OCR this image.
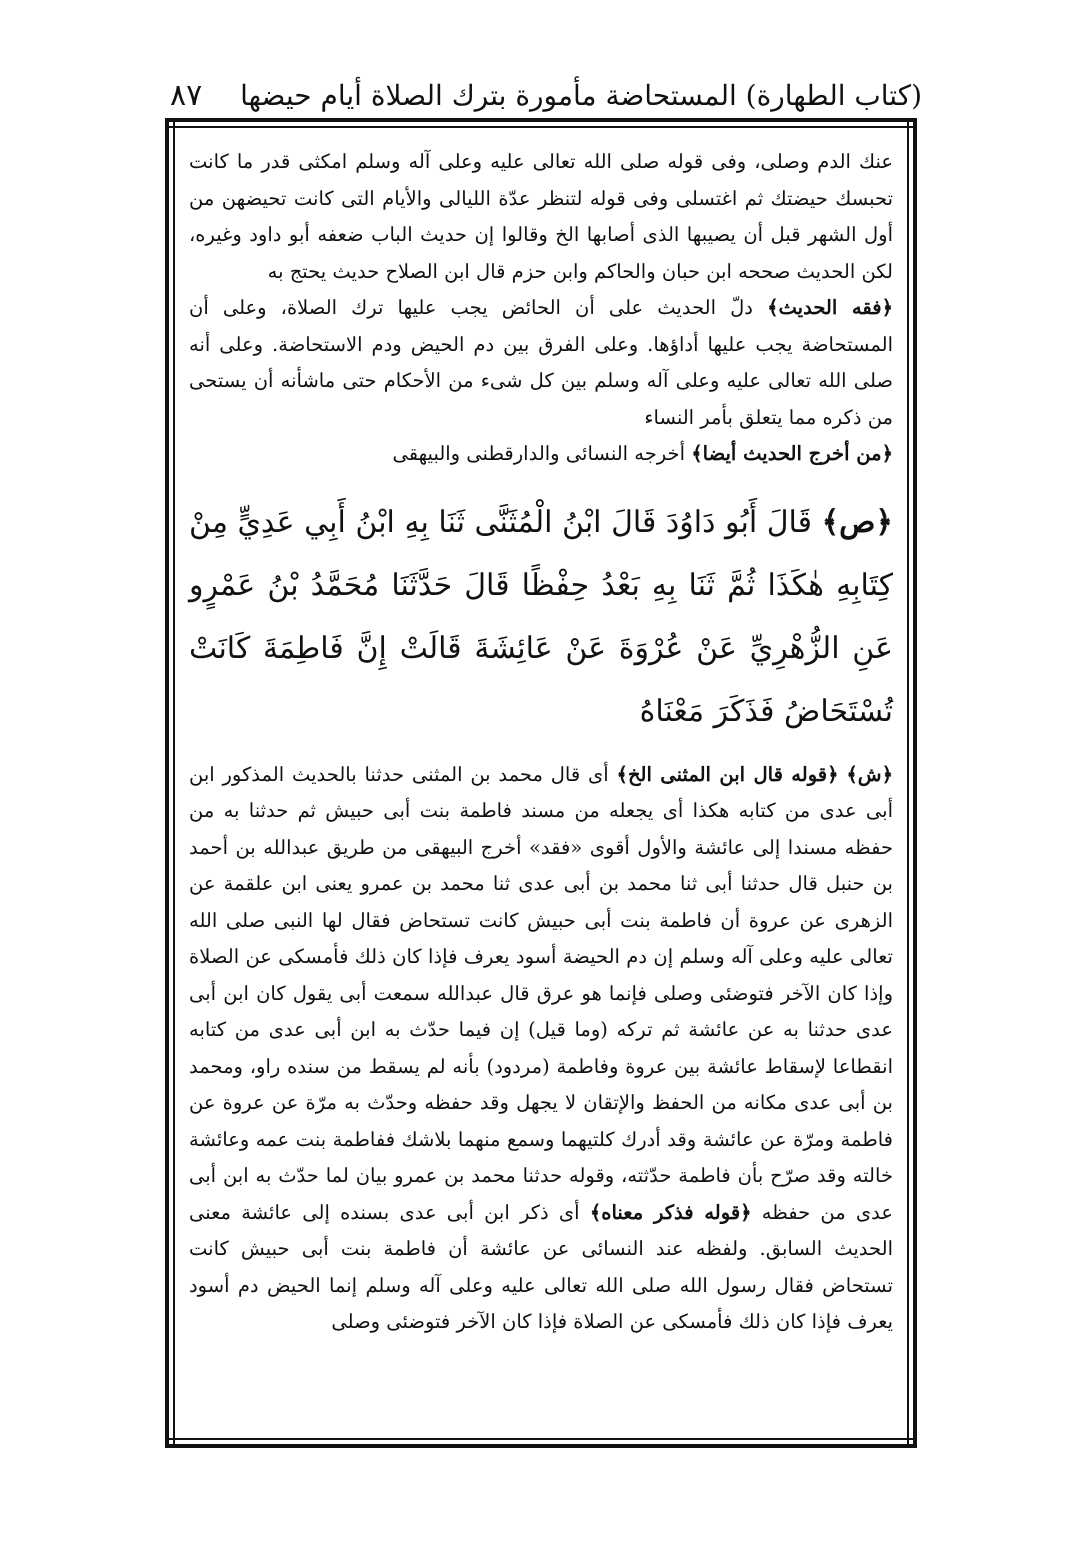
(كتاب الطهارة) المستحاضة مأمورة بترك الصلاة أيام حيضها
٨٧

عنك الدم وصلى، وفى قوله صلى الله تعالى عليه وعلى آله وسلم امكثى قدر ما كانت تحبسك حيضتك ثم اغتسلى وفى قوله لتنظر عدّة الليالى والأيام التى كانت تحيضهن من أول الشهر قبل أن يصيبها الذى أصابها الخ وقالوا إن حديث الباب ضعفه أبو داود وغيره، لكن الحديث صححه ابن حبان والحاكم وابن حزم قال ابن الصلاح حديث يحتج به

﴿فقه الحديث﴾ دلّ الحديث على أن الحائض يجب عليها ترك الصلاة، وعلى أن المستحاضة يجب عليها أداؤها. وعلى الفرق بين دم الحيض ودم الاستحاضة. وعلى أنه صلى الله تعالى عليه وعلى آله وسلم بين كل شىء من الأحكام حتى ماشأنه أن يستحى من ذكره مما يتعلق بأمر النساء

﴿من أخرج الحديث أيضا﴾ أخرجه النسائى والدارقطنى والبيهقى

﴿ص﴾ قَالَ أَبُو دَاوُدَ قَالَ ابْنُ الْمُثَنَّى ثَنَا بِهِ ابْنُ أَبِي عَدِيٍّ مِنْ كِتَابِهِ هٰكَذَا ثُمَّ ثَنَا بِهِ بَعْدُ حِفْظًا قَالَ حَدَّثَنَا مُحَمَّدُ بْنُ عَمْرٍو عَنِ الزُّهْرِيِّ عَنْ عُرْوَةَ عَنْ عَائِشَةَ قَالَتْ إِنَّ فَاطِمَةَ كَانَتْ تُسْتَحَاضُ فَذَكَرَ مَعْنَاهُ

﴿ش﴾ ﴿قوله قال ابن المثنى الخ﴾ أى قال محمد بن المثنى حدثنا بالحديث المذكور ابن أبى عدى من كتابه هكذا أى يجعله من مسند فاطمة بنت أبى حبيش ثم حدثنا به من حفظه مسندا إلى عائشة والأول أقوى «فقد» أخرج البيهقى من طريق عبدالله بن أحمد بن حنبل قال حدثنا أبى ثنا محمد بن أبى عدى ثنا محمد بن عمرو يعنى ابن علقمة عن الزهرى عن عروة أن فاطمة بنت أبى حبيش كانت تستحاض فقال لها النبى صلى الله تعالى عليه وعلى آله وسلم إن دم الحيضة أسود يعرف فإذا كان ذلك فأمسكى عن الصلاة وإذا كان الآخر فتوضئى وصلى فإنما هو عرق قال عبدالله سمعت أبى يقول كان ابن أبى عدى حدثنا به عن عائشة ثم تركه (وما قيل) إن فيما حدّث به ابن أبى عدى من كتابه انقطاعا لإسقاط عائشة بين عروة وفاطمة (مردود) بأنه لم يسقط من سنده راو، ومحمد بن أبى عدى مكانه من الحفظ والإتقان لا يجهل وقد حفظه وحدّث به مرّة عن عروة عن فاطمة ومرّة عن عائشة وقد أدرك كلتيهما وسمع منهما بلاشك ففاطمة بنت عمه وعائشة خالته وقد صرّح بأن فاطمة حدّثته، وقوله حدثنا محمد بن عمرو بيان لما حدّث به ابن أبى عدى من حفظه ﴿قوله فذكر معناه﴾ أى ذكر ابن أبى عدى بسنده إلى عائشة معنى الحديث السابق. ولفظه عند النسائى عن عائشة أن فاطمة بنت أبى حبيش كانت تستحاض فقال رسول الله صلى الله تعالى عليه وعلى آله وسلم إنما الحيض دم أسود يعرف فإذا كان ذلك فأمسكى عن الصلاة فإذا كان الآخر فتوضئى وصلى
